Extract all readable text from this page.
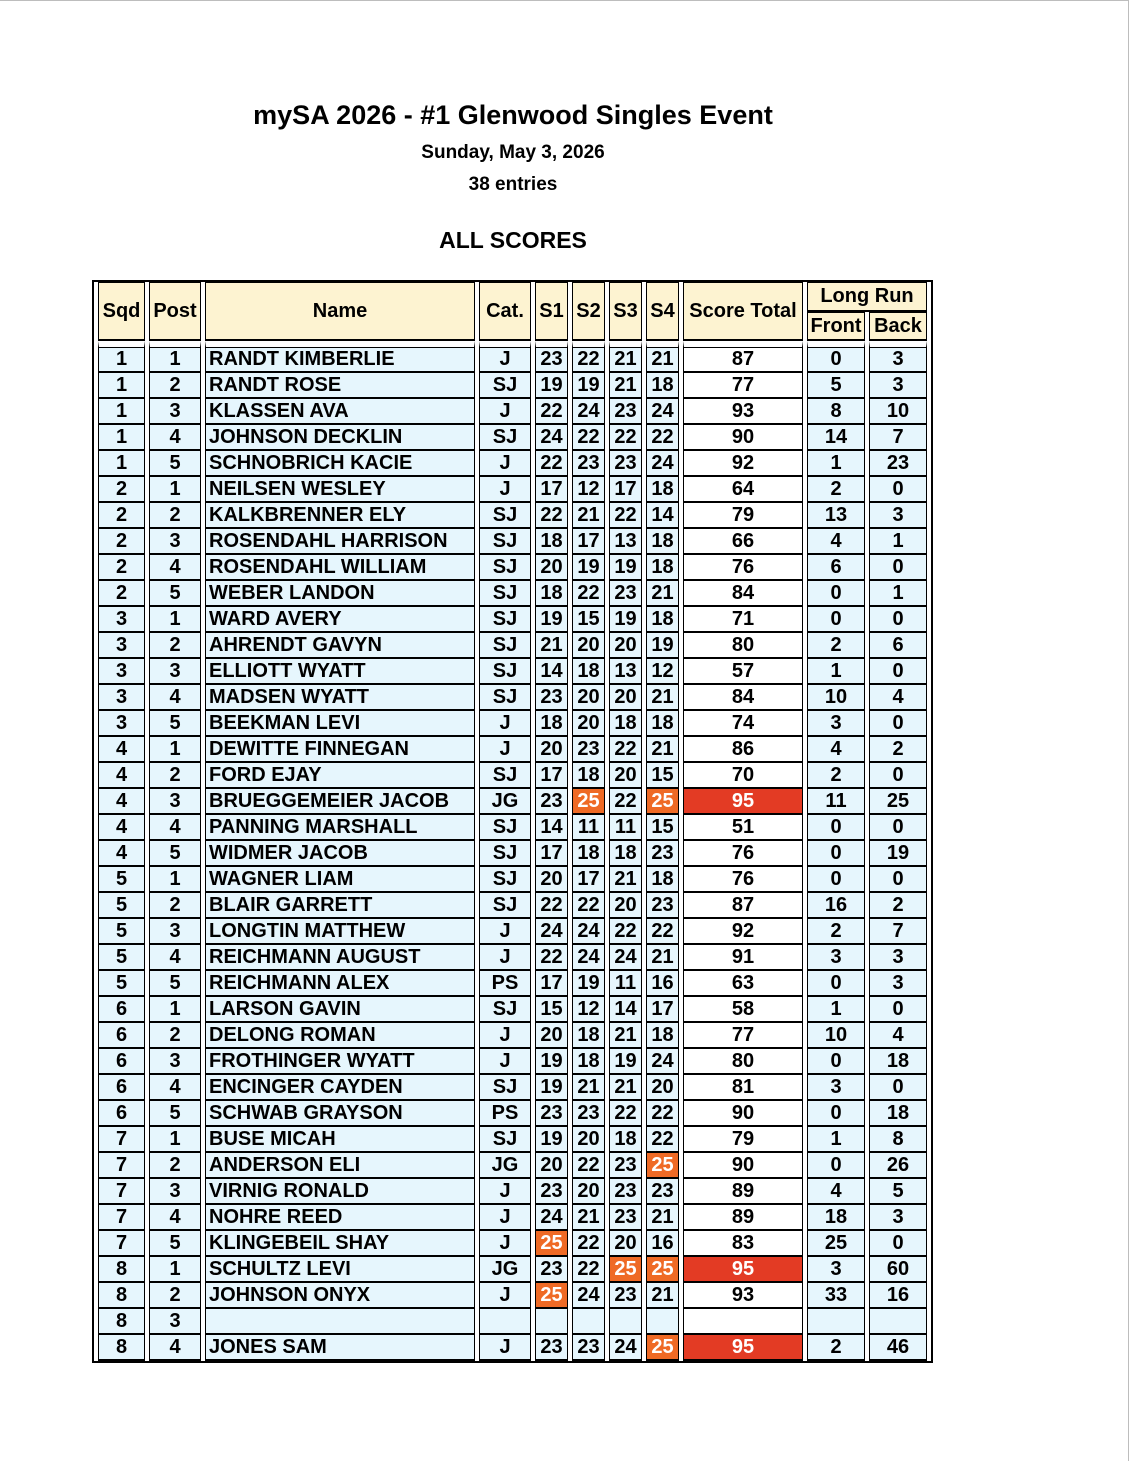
mySA 2026 - #1 Glenwood Singles Event
Sunday, May 3, 2026
38 entries
ALL SCORES
Sqd	Post	Name	Cat.	S1	S2	S3	S4	Score Total	Long Run	
									Front	Back
1	1	RANDT KIMBERLIE	J	23	22	21	21	87	0	3
1	2	RANDT ROSE	SJ	19	19	21	18	77	5	3
1	3	KLASSEN AVA	J	22	24	23	24	93	8	10
1	4	JOHNSON DECKLIN	SJ	24	22	22	22	90	14	7
1	5	SCHNOBRICH KACIE	J	22	23	23	24	92	1	23
2	1	NEILSEN WESLEY	J	17	12	17	18	64	2	0
2	2	KALKBRENNER ELY	SJ	22	21	22	14	79	13	3
2	3	ROSENDAHL HARRISON	SJ	18	17	13	18	66	4	1
2	4	ROSENDAHL WILLIAM	SJ	20	19	19	18	76	6	0
2	5	WEBER LANDON	SJ	18	22	23	21	84	0	1
3	1	WARD AVERY	SJ	19	15	19	18	71	0	0
3	2	AHRENDT GAVYN	SJ	21	20	20	19	80	2	6
3	3	ELLIOTT WYATT	SJ	14	18	13	12	57	1	0
3	4	MADSEN WYATT	SJ	23	20	20	21	84	10	4
3	5	BEEKMAN LEVI	J	18	20	18	18	74	3	0
4	1	DEWITTE FINNEGAN	J	20	23	22	21	86	4	2
4	2	FORD EJAY	SJ	17	18	20	15	70	2	0
4	3	BRUEGGEMEIER JACOB	JG	23	25	22	25	95	11	25
4	4	PANNING MARSHALL	SJ	14	11	11	15	51	0	0
4	5	WIDMER JACOB	SJ	17	18	18	23	76	0	19
5	1	WAGNER LIAM	SJ	20	17	21	18	76	0	0
5	2	BLAIR GARRETT	SJ	22	22	20	23	87	16	2
5	3	LONGTIN MATTHEW	J	24	24	22	22	92	2	7
5	4	REICHMANN AUGUST	J	22	24	24	21	91	3	3
5	5	REICHMANN ALEX	PS	17	19	11	16	63	0	3
6	1	LARSON GAVIN	SJ	15	12	14	17	58	1	0
6	2	DELONG ROMAN	J	20	18	21	18	77	10	4
6	3	FROTHINGER WYATT	J	19	18	19	24	80	0	18
6	4	ENCINGER CAYDEN	SJ	19	21	21	20	81	3	0
6	5	SCHWAB GRAYSON	PS	23	23	22	22	90	0	18
7	1	BUSE MICAH	SJ	19	20	18	22	79	1	8
7	2	ANDERSON ELI	JG	20	22	23	25	90	0	26
7	3	VIRNIG RONALD	J	23	20	23	23	89	4	5
7	4	NOHRE REED	J	24	21	23	21	89	18	3
7	5	KLINGEBEIL SHAY	J	25	22	20	16	83	25	0
8	1	SCHULTZ LEVI	JG	23	22	25	25	95	3	60
8	2	JOHNSON ONYX	J	25	24	23	21	93	33	16
8	3									
8	4	JONES SAM	J	23	23	24	25	95	2	46
